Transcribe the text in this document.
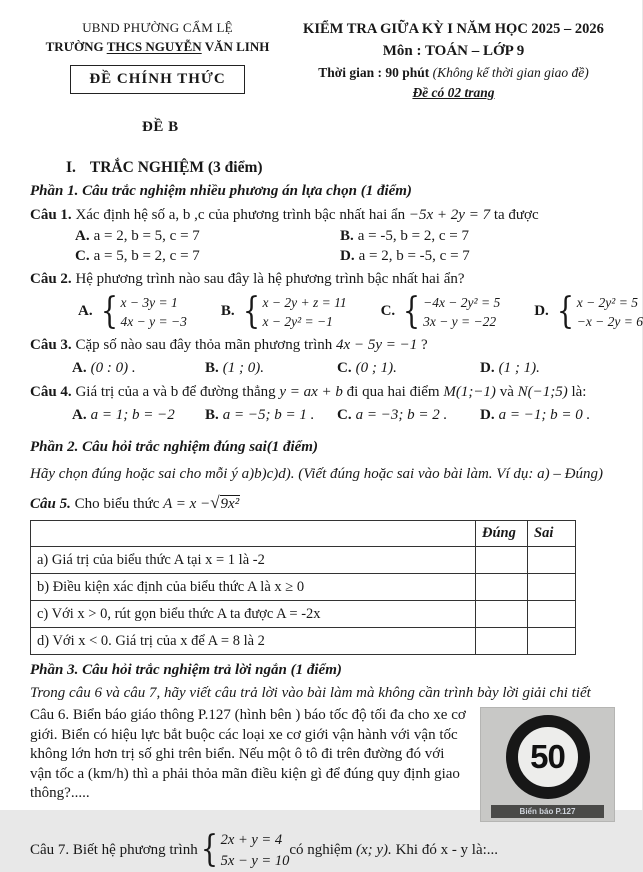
UBND PHƯỜNG CẨM LỆ
TRƯỜNG THCS NGUYỄN VĂN LINH
ĐỀ CHÍNH THỨC
KIỂM TRA GIỮA KỲ I NĂM HỌC 2025 – 2026
Môn : TOÁN – LỚP 9
Thời gian : 90 phút (Không kể thời gian giao đề)
Đề có 02 trang
ĐỀ B
I. TRẮC NGHIỆM (3 điểm)
Phần 1. Câu trắc nghiệm nhiều phương án lựa chọn (1 điểm)
Câu 1. Xác định hệ số a, b ,c của phương trình bậc nhất hai ẩn −5x + 2y = 7 ta được
A. a = 2, b = 5, c = 7	B. a = -5, b = 2, c = 7
C. a = 5, b = 2, c = 7	D. a = 2, b = -5, c = 7
Câu 2. Hệ phương trình nào sau đây là hệ phương trình bậc nhất hai ẩn?
A. { x − 3y = 1
4x − y = −3
B. { x − 2y + z = 11
x − 2y² = −1
C. { −4x − 2y² = 5
3x − y = −22
D. { x − 2y² = 5
−x − 2y = 6
Câu 3. Cặp số nào sau đây thỏa mãn phương trình 4x − 5y = −1 ?
A. (0 : 0) .	B. (1 ; 0).	C. (0 ; 1).	D. (1 ; 1).
Câu 4. Giá trị của a và b để đường thẳng y = ax + b đi qua hai điểm M(1;−1) và N(−1;5) là:
A. a = 1; b = −2	B. a = −5; b = 1 .	C. a = −3; b = 2 .	D. a = −1; b = 0 .
Phần 2. Câu hỏi trắc nghiệm đúng sai(1 điểm)
Hãy chọn đúng hoặc sai cho mỗi ý a)b)c)d). (Viết đúng hoặc sai vào bài làm. Ví dụ: a) – Đúng)
Câu 5. Cho biểu thức A = x −√9x²
	Đúng	Sai
a) Giá trị của biểu thức A tại x = 1 là -2		
b) Điều kiện xác định của biểu thức A là x ≥ 0		
c) Với x > 0, rút gọn biểu thức A ta được A = -2x		
d) Với x < 0. Giá trị của x để A = 8 là 2		
Phần 3. Câu hỏi trắc nghiệm trả lời ngắn (1 điểm)
Trong câu 6 và câu 7, hãy viết câu trả lời vào bài làm mà không cần trình bày lời giải chi tiết
50
Biển báo P.127
Câu 6. Biển báo giáo thông P.127 (hình bên ) báo tốc độ tối đa cho xe cơ giới. Biển có hiệu lực bắt buộc các loại xe cơ giới vận hành với vận tốc không lớn hơn trị số ghi trên biển. Nếu một ô tô đi trên đường đó với vận tốc a (km/h) thì a phải thỏa mãn điều kiện gì để đúng quy định giao thông?.....
Câu 7. Biết hệ phương trình { 2x + y = 4
5x − y = 10
có nghiệm (x; y). Khi đó x - y là:...
